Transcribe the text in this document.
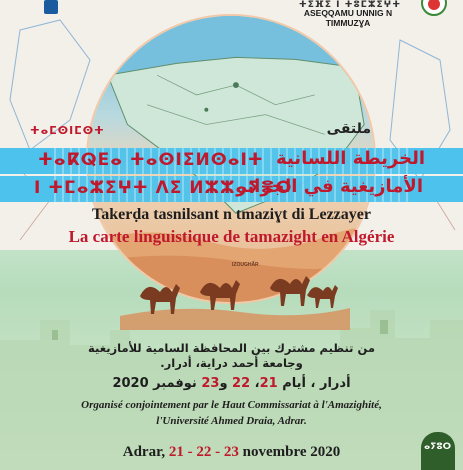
ⵜⵉⴼⵉ ⵏ ⵜⵓⵎⵣⵉⵖⵜ
ASEQQAMU UNNIG N TIMMUZƔA
ⵜⴰⵎⵙⵏⵎⵙⵜ	ملتقى
ⵜⴰⴽⵕⴹⴰ ⵜⴰⵙⵏⵉⵍⵙⴰⵏⵜ الخريطة اللسانية
ⵏ ⵜⵎⴰⵣⵉⵖⵜ ⴷⵉ ⵍⵣⵣⴰⵢⴻⵔ
الأمازيغية في الجزائر
Takerḍa tasnilsant n tmaziɣt di Lezzayer
La carte linguistique de tamazight en Algérie
IZOUGHĂR
من تنظيم مشترك بين المحافظة السامية للأمازيغية
وجامعة أحمد دراية، أدرار.
أدرار ، أيام 21، 22 و23 نوفمبر 2020
Organisé conjointement par le Haut Commissariat à l'Amazighité,
l'Université Ahmed Draia, Adrar.
Adrar, 21 - 22 - 23 novembre 2020	ⴰⵢⵓⵔ
